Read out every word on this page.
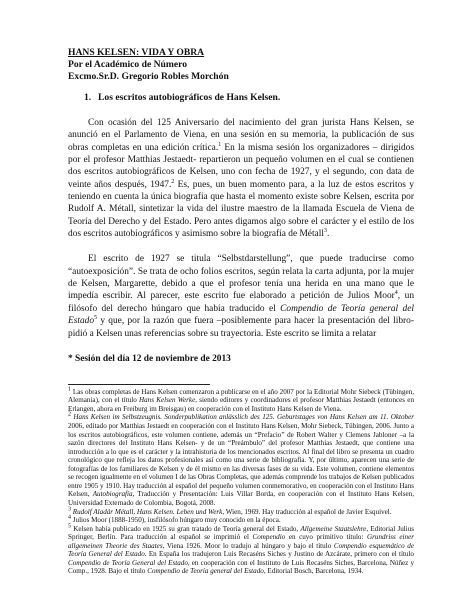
HANS KELSEN: VIDA Y OBRA
Por el Académico de Número
Excmo.Sr.D. Gregorio Robles Morchón
1. Los escritos autobiográficos de Hans Kelsen.

Con ocasión del 125 Aniversario del nacimiento del gran jurista Hans Kelsen, se anunció en el Parlamento de Viena, en una sesión en su memoria, la publicación de sus obras completas en una edición crítica.$^1$ En la misma sesión los organizadores – dirigidos por el profesor Matthias Jestaedt- repartieron un pequeño volumen en el cual se contienen dos escritos autobiográficos de Kelsen, uno con fecha de 1927, y el segundo, con data de veinte años después, 1947.$^2$ Es, pues, un buen momento para, a la luz de estos escritos y teniendo en cuenta la única biografía que hasta el momento existe sobre Kelsen, escrita por Rudolf A. Métall, sintetizar la vida del ilustre maestro de la llamada Escuela de Viena de Teoría del Derecho y del Estado. Pero antes digamos algo sobre el carácter y el estilo de los dos escritos autobiográficos y asimismo sobre la biografía de Métall$^3$.

El escrito de 1927 se titula “Selbstdarstellung”, que puede traducirse como “autoexposición”. Se trata de ocho folios escritos, según relata la carta adjunta, por la mujer de Kelsen, Margarette, debido a que el profesor tenía una herida en una mano que le impedía escribir. Al parecer, este escrito fue elaborado a petición de Julios Moor$^4$, un filósofo del derecho húngaro que había traducido el Compendio de Teoría general del Estado$^5$ y que, por la razón que fuera –posiblemente para hacer la presentación del libro- pidió a Kelsen unas referencias sobre su trayectoria. Este escrito se limita a relatar

* Sesión del día 12 de noviembre de 2013

$^1$ Las obras completas de Hans Kelsen comenzaron a publicarse en el año 2007 por la Editorial Mohr Siebeck (Tübingen, Alemania), con el título Hans Kelsen Werke, siendo editores y coordinadores el profesor Matthias Jestaedt (entonces en Erlangen, ahora en Freiburg im Breisgau) en cooperación con el Instituto Hans Kelsen de Viena.

$^2$ Hans Kelsen im Selbstzeugnis. Sonderpublikation anlässlich des 125. Geburtstages von Hans Kelsen am 11. Oktober 2006, editado por Matthias Jestaedt en cooperación con el Instituto Hans Kelsen, Mohr Siebeck, Tübingen, 2006. Junto a los escritos autobiográficos, este volumen contiene, además un “Prefacio” de Robert Walter y Clemens Jabloner –a la sazón directores del Instituto Hans Kelsen- y de un “Preámbulo” del profesor Matthias Jestaedt, que contiene una introducción a lo que es el carácter y la intrahistoria de los mencionados escritos. Al final del libro se presenta un cuadro cronológico que refleja los datos profesionales así como una serie de bibliografía. Y, por último, aparecen una serie de fotografías de los familiares de Kelsen y de él mismo en las diversas fases de su vida. Este volumen, contiene elementos se recogen igualmente en el volumen I de las Obras Completas, que además comprende los trabajos de Kelsen publicados entre 1905 y 1910. Hay traducción al español del pequeño volumen conmemorativo, en cooperación con el Instituto Hans Kelsen, Autobiografía, Traducción y Presentación: Luis Villar Borda, en cooperación con el Instituto Hans Kelsen, Universidad Externado de Colombia, Bogotá, 2008.

$^3$ Rudolf Aladár Métall, Hans Kelsen. Leben und Werk, Wien, 1969. Hay traducción al español de Javier Esquivel.

$^4$ Julios Moor (1888-1950), iusfilósofo húngaro muy conocido en la época.

$^5$ Kelsen había publicado en 1925 su gran tratado de Teoría general del Estado, Allgemeine Staatslehre, Editorial Julius Springer, Berlín. Para traducción al español se imprimió el Compendio en cuyo primitivo título: Grundriss einer allgemeinen Theorie des Staates, Viena 1926. Moor lo tradujo al húngaro y bajo el título Compendio esquemático de Teoría General del Estado. En España los tradujeron Luis Recaséns Siches y Justino de Azcárate, primero con el título Compendio de Teoría General del Estado, en cooperación con el Instituto de Luis Recaséns Siches, Barcelona, Núñez y Comp., 1928. Bajo el título Compendio de Teoría general del Estado, Editorial Bosch, Barcelona, 1934.
